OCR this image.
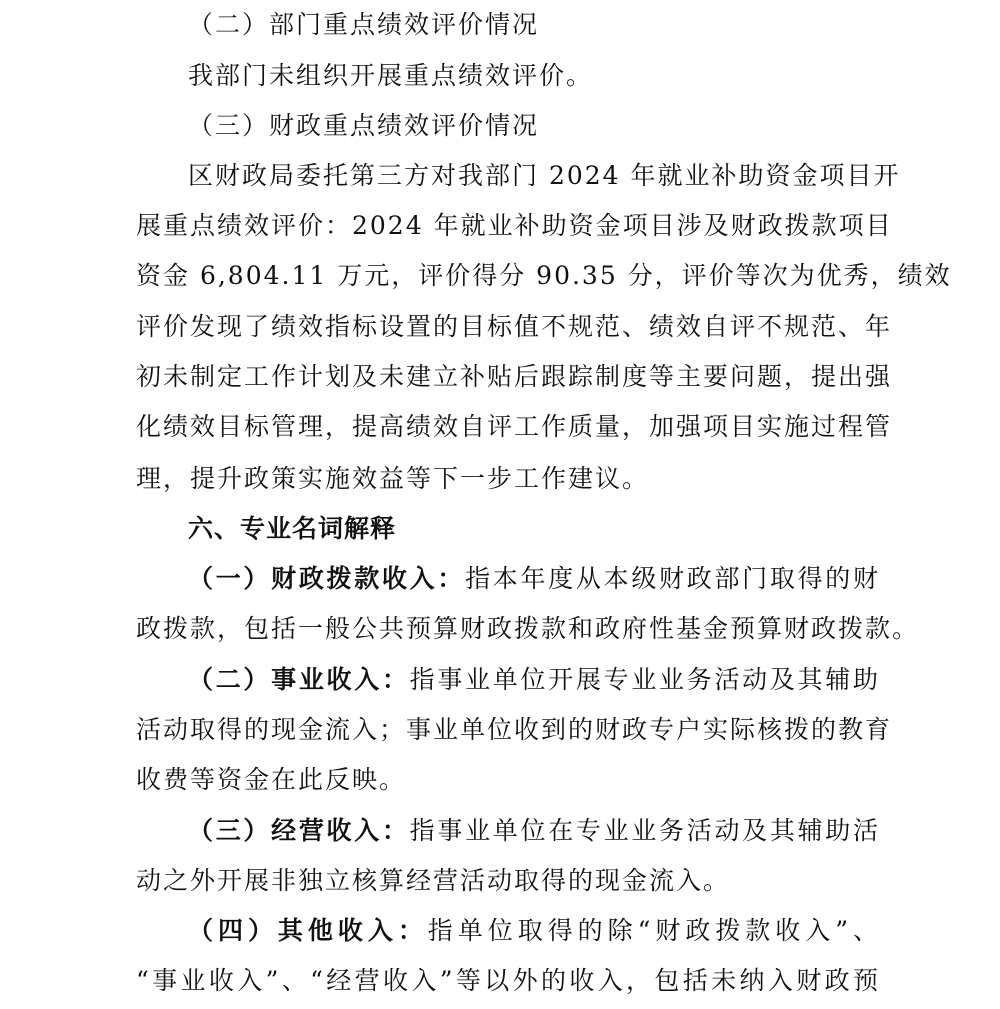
（二）部门重点绩效评价情况
我部门未组织开展重点绩效评价。
（三）财政重点绩效评价情况
区财政局委托第三方对我部门 2024 年就业补助资金项目开
展重点绩效评价：2024 年就业补助资金项目涉及财政拨款项目
资金 6,804.11 万元，评价得分 90.35 分，评价等次为优秀，绩效
评价发现了绩效指标设置的目标值不规范、绩效自评不规范、年
初未制定工作计划及未建立补贴后跟踪制度等主要问题，提出强
化绩效目标管理，提高绩效自评工作质量，加强项目实施过程管
理，提升政策实施效益等下一步工作建议。
六、专业名词解释
（一）财政拨款收入：指本年度从本级财政部门取得的财
政拨款，包括一般公共预算财政拨款和政府性基金预算财政拨款。
（二）事业收入：指事业单位开展专业业务活动及其辅助
活动取得的现金流入；事业单位收到的财政专户实际核拨的教育
收费等资金在此反映。
（三）经营收入：指事业单位在专业业务活动及其辅助活
动之外开展非独立核算经营活动取得的现金流入。
（四）其他收入：指单位取得的除“财政拨款收入”、
“事业收入”、“经营收入”等以外的收入，包括未纳入财政预
